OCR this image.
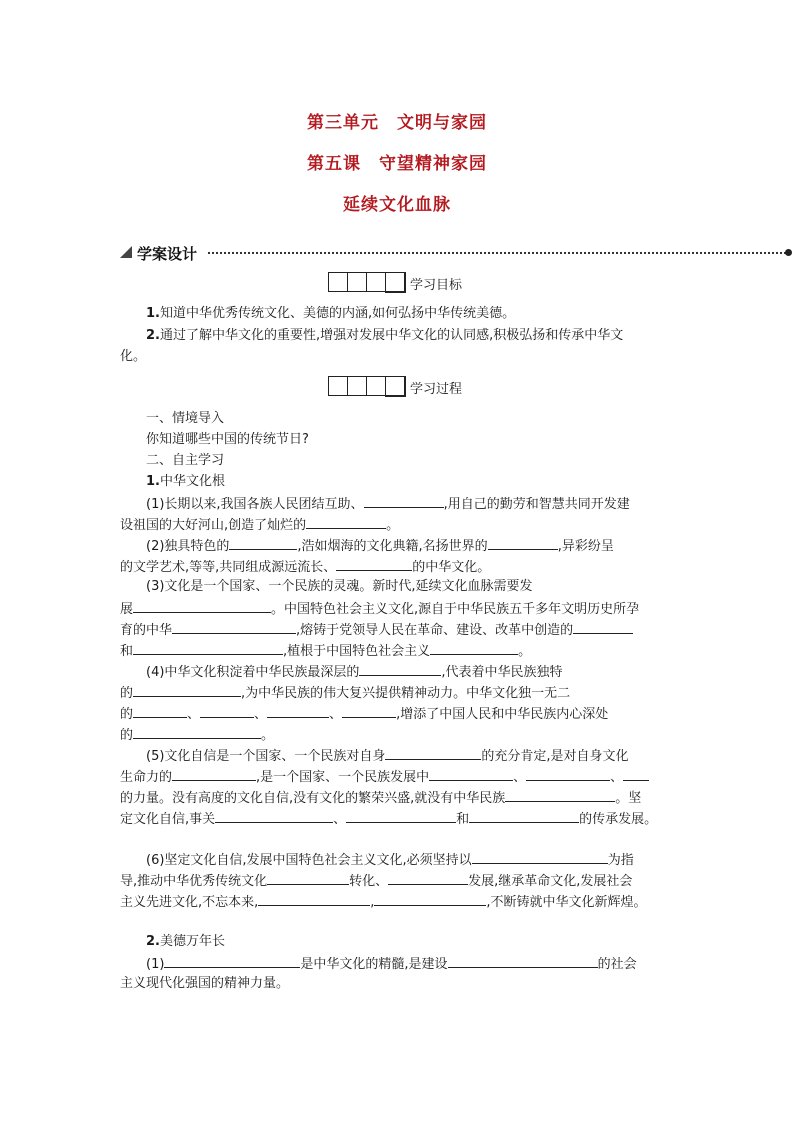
第三单元　文明与家园
第五课　守望精神家园
延续文化血脉
学案设计
学习目标
1.知道中华优秀传统文化、美德的内涵,如何弘扬中华传统美德。
2.通过了解中华文化的重要性,增强对发展中华文化的认同感,积极弘扬和传承中华文
化。
学习过程
一、情境导入
你知道哪些中国的传统节日?
二、自主学习
1.中华文化根
(1)长期以来,我国各族人民团结互助、	,用自己的勤劳和智慧共同开发建
设祖国的大好河山,创造了灿烂的	。
(2)独具特色的	,浩如烟海的文化典籍,名扬世界的	,异彩纷呈
的文学艺术,等等,共同组成源远流长、	的中华文化。
(3)文化是一个国家、一个民族的灵魂。新时代,延续文化血脉需要发
展	。中国特色社会主义文化,源自于中华民族五千多年文明历史所孕
育的中华	,熔铸于党领导人民在革命、建设、改革中创造的
和	,植根于中国特色社会主义	。
(4)中华文化积淀着中华民族最深层的	,代表着中华民族独特
的	,为中华民族的伟大复兴提供精神动力。中华文化独一无二
的	、	、	、	,增添了中国人民和中华民族内心深处
的	。
(5)文化自信是一个国家、一个民族对自身	的充分肯定,是对自身文化
生命力的	,是一个国家、一个民族发展中	、	、
的力量。没有高度的文化自信,没有文化的繁荣兴盛,就没有中华民族	。坚
定文化自信,事关	、	和	的传承发展。
(6)坚定文化自信,发展中国特色社会主义文化,必须坚持以	为指
导,推动中华优秀传统文化	转化、	发展,继承革命文化,发展社会
主义先进文化,不忘本来,	,	,不断铸就中华文化新辉煌。
2.美德万年长
(1)	是中华文化的精髓,是建设	的社会
主义现代化强国的精神力量。
